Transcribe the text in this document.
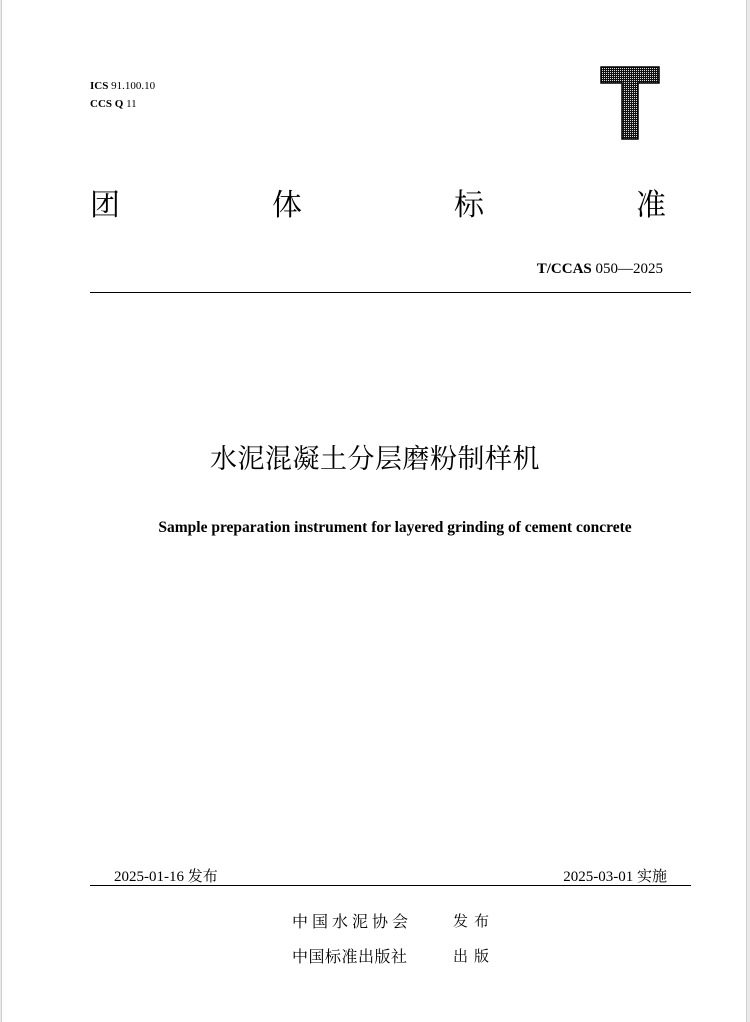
ICS 91.100.10
CCS Q 11
团	体	标	准
T/CCAS 050—2025
水泥混凝土分层磨粉制样机
Sample preparation instrument for layered grinding of cement concrete
2025-01-16 发布	2025-03-01 实施
中国水泥协会	发布
中国标准出版社	出版
